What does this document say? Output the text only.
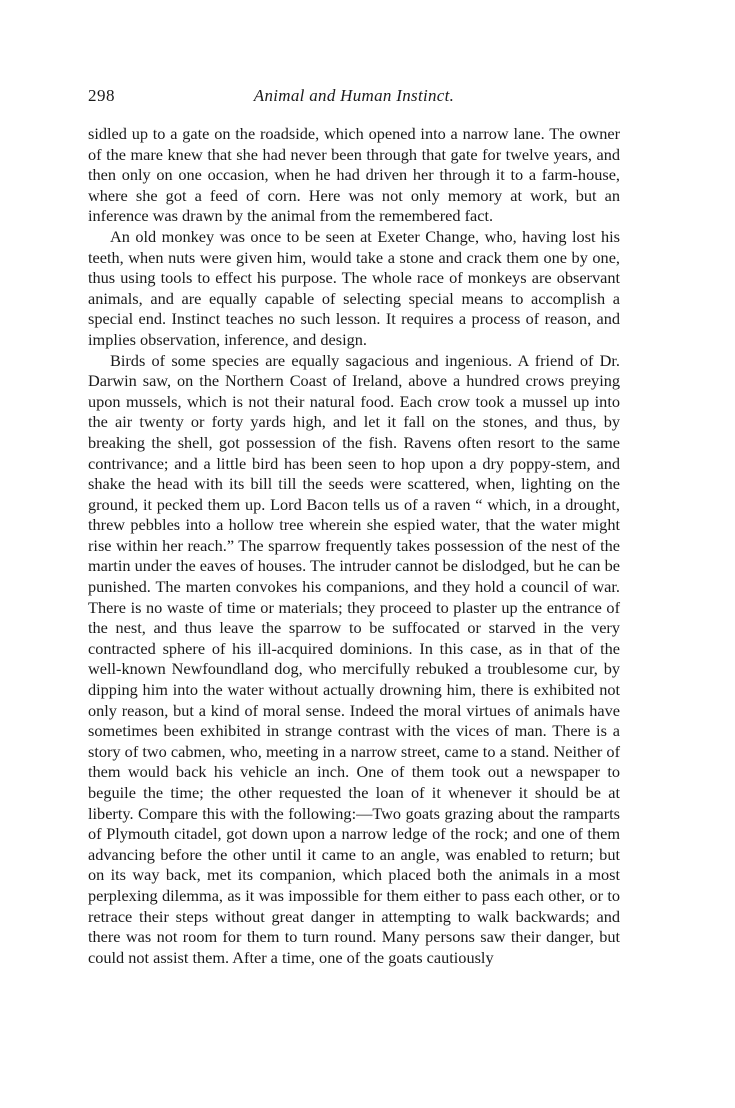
298	Animal and Human Instinct.

sidled up to a gate on the roadside, which opened into a narrow lane. The owner of the mare knew that she had never been through that gate for twelve years, and then only on one occasion, when he had driven her through it to a farm-house, where she got a feed of corn. Here was not only memory at work, but an inference was drawn by the animal from the remembered fact.

An old monkey was once to be seen at Exeter Change, who, having lost his teeth, when nuts were given him, would take a stone and crack them one by one, thus using tools to effect his purpose. The whole race of monkeys are observant animals, and are equally capable of selecting special means to accomplish a special end. Instinct teaches no such lesson. It requires a process of reason, and implies observation, inference, and design.

Birds of some species are equally sagacious and ingenious. A friend of Dr. Darwin saw, on the Northern Coast of Ireland, above a hundred crows preying upon mussels, which is not their natural food. Each crow took a mussel up into the air twenty or forty yards high, and let it fall on the stones, and thus, by breaking the shell, got possession of the fish. Ravens often resort to the same contrivance; and a little bird has been seen to hop upon a dry poppy-stem, and shake the head with its bill till the seeds were scattered, when, lighting on the ground, it pecked them up. Lord Bacon tells us of a raven “ which, in a drought, threw pebbles into a hollow tree wherein she espied water, that the water might rise within her reach.” The sparrow frequently takes possession of the nest of the martin under the eaves of houses. The intruder cannot be dislodged, but he can be punished. The marten convokes his companions, and they hold a council of war. There is no waste of time or materials; they proceed to plaster up the entrance of the nest, and thus leave the sparrow to be suffocated or starved in the very contracted sphere of his ill-acquired dominions. In this case, as in that of the well-known Newfoundland dog, who mercifully rebuked a troublesome cur, by dipping him into the water without actually drowning him, there is exhibited not only reason, but a kind of moral sense. Indeed the moral virtues of animals have sometimes been exhibited in strange contrast with the vices of man. There is a story of two cabmen, who, meeting in a narrow street, came to a stand. Neither of them would back his vehicle an inch. One of them took out a newspaper to beguile the time; the other requested the loan of it whenever it should be at liberty. Compare this with the following:—Two goats grazing about the ramparts of Plymouth citadel, got down upon a narrow ledge of the rock; and one of them advancing before the other until it came to an angle, was enabled to return; but on its way back, met its companion, which placed both the animals in a most perplexing dilemma, as it was impossible for them either to pass each other, or to retrace their steps without great danger in attempting to walk backwards; and there was not room for them to turn round. Many persons saw their danger, but could not assist them. After a time, one of the goats cautiously
